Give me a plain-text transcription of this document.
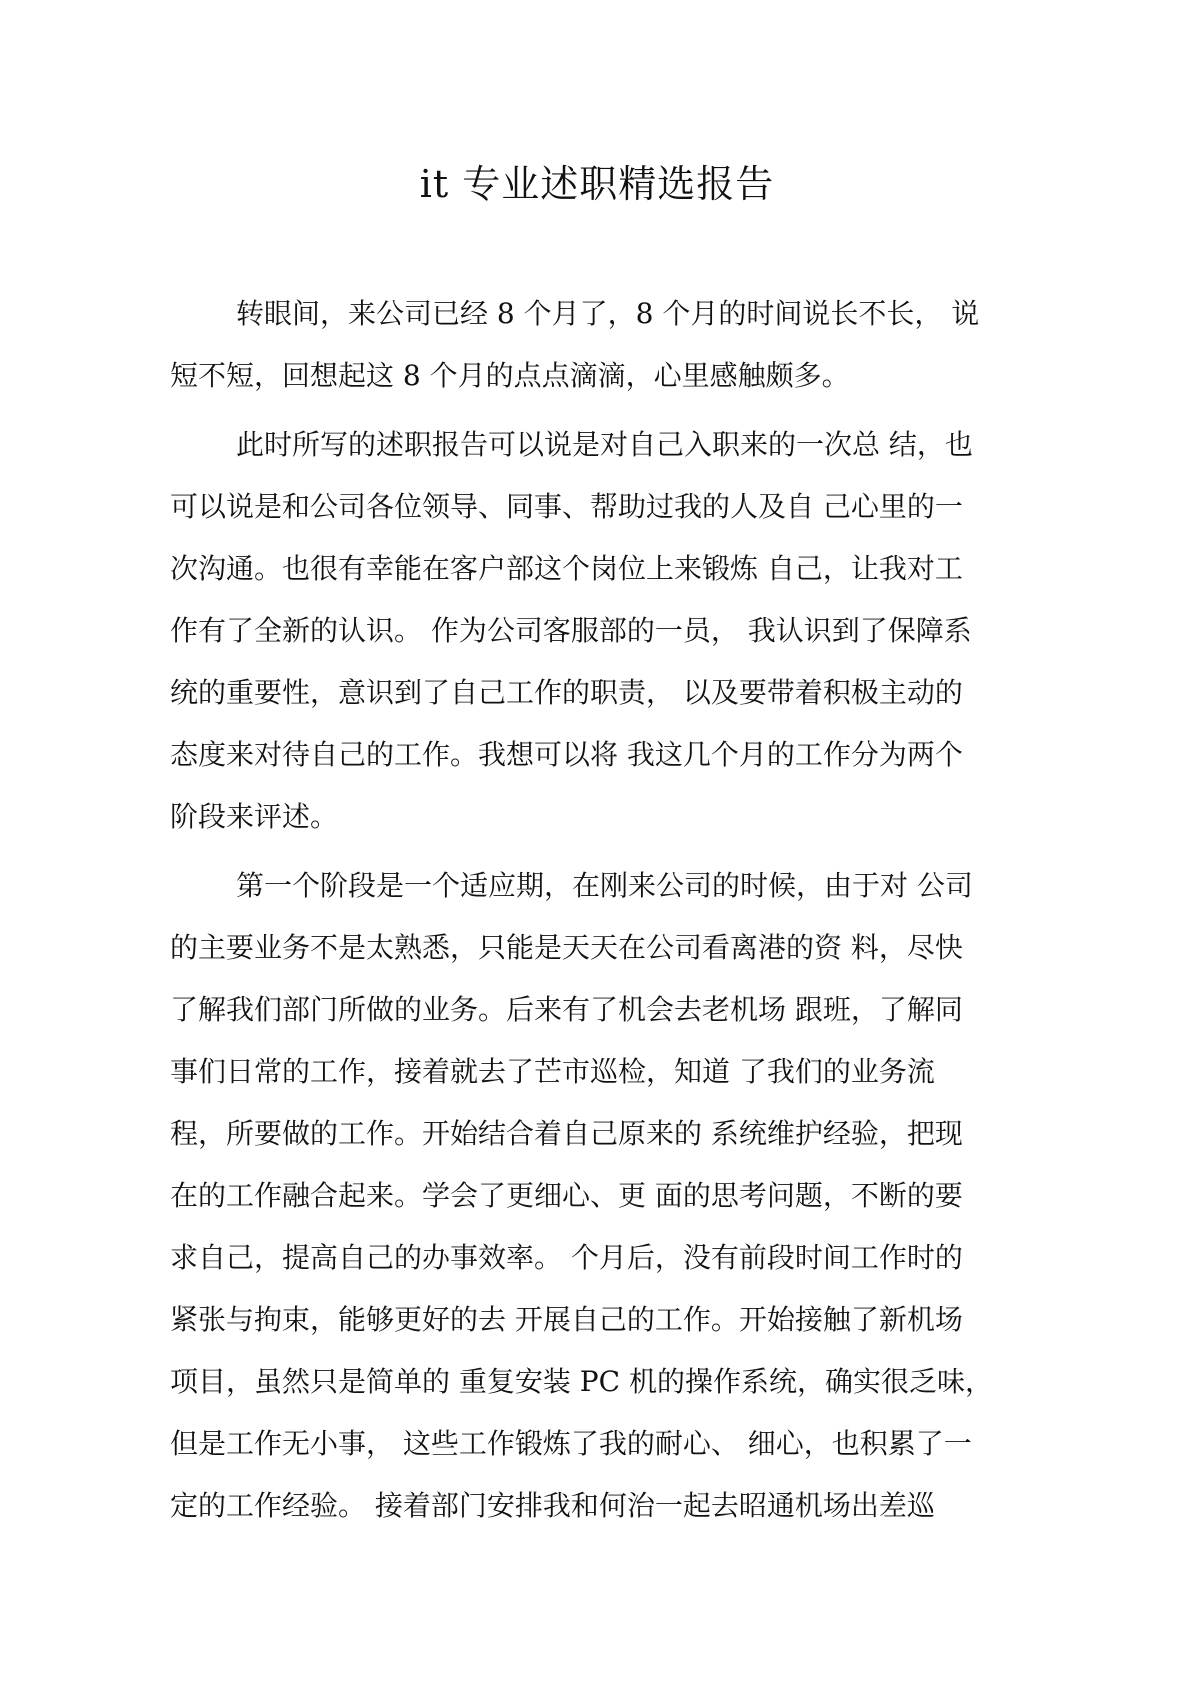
it 专业述职精选报告
转眼间，来公司已经 8 个月了，8 个月的时间说长不长， 说
短不短，回想起这 8 个月的点点滴滴，心里感触颇多。
此时所写的述职报告可以说是对自己入职来的一次总 结，也
可以说是和公司各位领导、同事、帮助过我的人及自 己心里的一
次沟通。也很有幸能在客户部这个岗位上来锻炼 自己，让我对工
作有了全新的认识。 作为公司客服部的一员， 我认识到了保障系
统的重要性，意识到了自己工作的职责， 以及要带着积极主动的
态度来对待自己的工作。我想可以将 我这几个月的工作分为两个
阶段来评述。
第一个阶段是一个适应期，在刚来公司的时候，由于对 公司
的主要业务不是太熟悉，只能是天天在公司看离港的资 料，尽快
了解我们部门所做的业务。后来有了机会去老机场 跟班，了解同
事们日常的工作，接着就去了芒市巡检，知道 了我们的业务流
程，所要做的工作。开始结合着自己原来的 系统维护经验，把现
在的工作融合起来。学会了更细心、更 面的思考问题，不断的要
求自己，提高自己的办事效率。 个月后，没有前段时间工作时的
紧张与拘束，能够更好的去 开展自己的工作。开始接触了新机场
项目，虽然只是简单的 重复安装 PC 机的操作系统，确实很乏味，
但是工作无小事， 这些工作锻炼了我的耐心、 细心，也积累了一
定的工作经验。 接着部门安排我和何治一起去昭通机场出差巡
